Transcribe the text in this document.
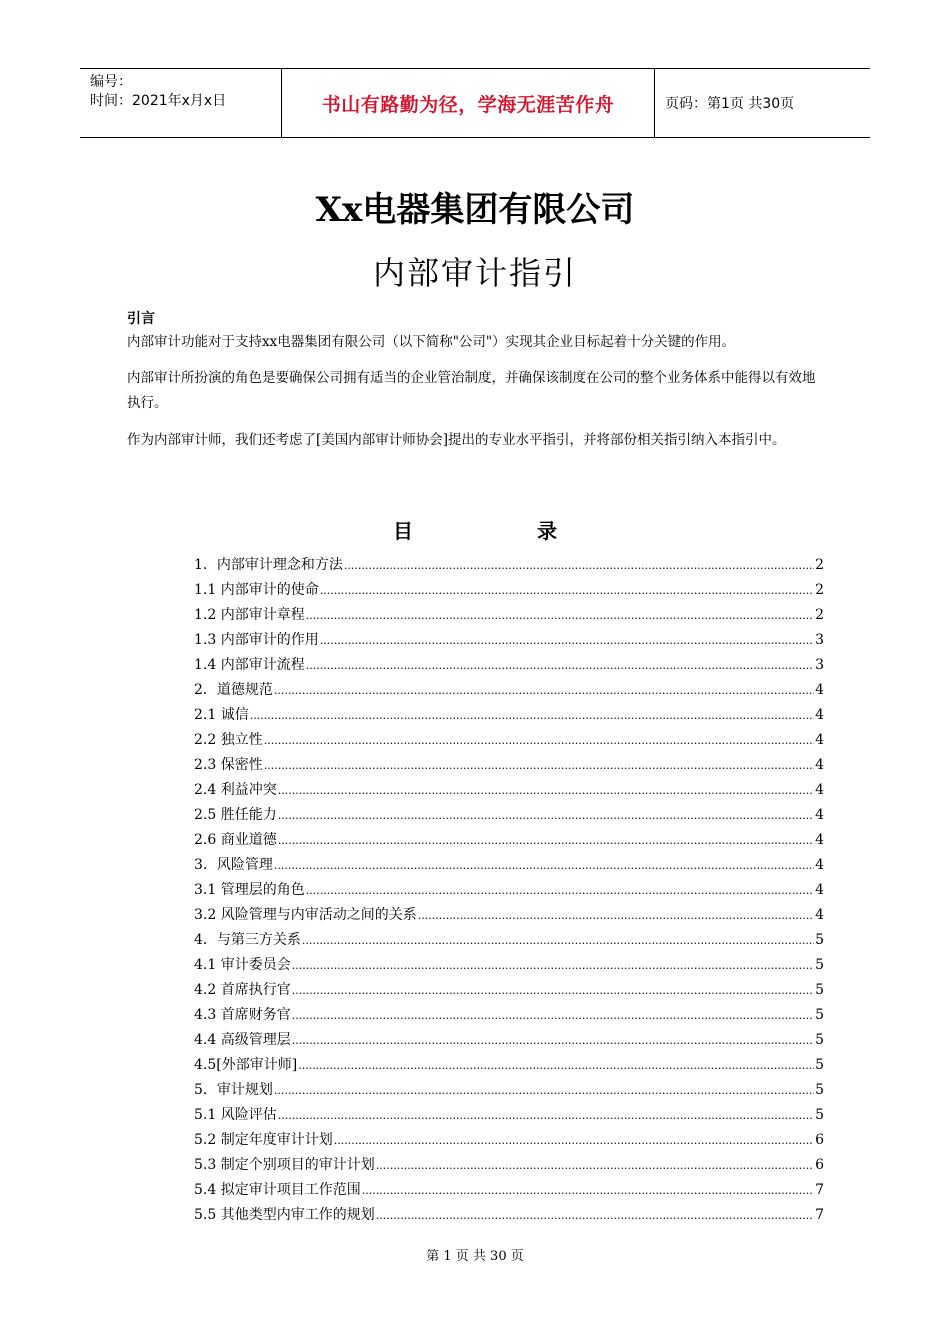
编号：
时间：2021年x月x日	书山有路勤为径，学海无涯苦作舟	页码：第1页 共30页
Xx电器集团有限公司
内部审计指引
引言

内部审计功能对于支持xx电器集团有限公司（以下简称"公司"）实现其企业目标起着十分关键的作用。

内部审计所扮演的角色是要确保公司拥有适当的企业管治制度，并确保该制度在公司的整个业务体系中能得以有效地执行。

作为内部审计师，我们还考虑了[美国内部审计师协会]提出的专业水平指引，并将部份相关指引纳入本指引中。

目	录
1．内部审计理念和方法 .....	2
1.1 内部审计的使命 .....	2
1.2 内部审计章程 .....	2
1.3 内部审计的作用 .....	3
1.4 内部审计流程 .....	3
2．道德规范 .....	4
2.1 诚信 .....	4
2.2 独立性 .....	4
2.3 保密性 .....	4
2.4 利益冲突 .....	4
2.5 胜任能力 .....	4
2.6 商业道德 .....	4
3．风险管理 .....	4
3.1 管理层的角色 .....	4
3.2 风险管理与内审活动之间的关系 .....	4
4．与第三方关系 .....	5
4.1 审计委员会 .....	5
4.2 首席执行官 .....	5
4.3 首席财务官 .....	5
4.4 高级管理层 .....	5
4.5[外部审计师] .....	5
5．审计规划 .....	5
5.1 风险评估 .....	5
5.2 制定年度审计计划 .....	6
5.3 制定个别项目的审计计划 .....	6
5.4 拟定审计项目工作范围 .....	7
5.5 其他类型内审工作的规划 .....	7
第 1 页 共 30 页
